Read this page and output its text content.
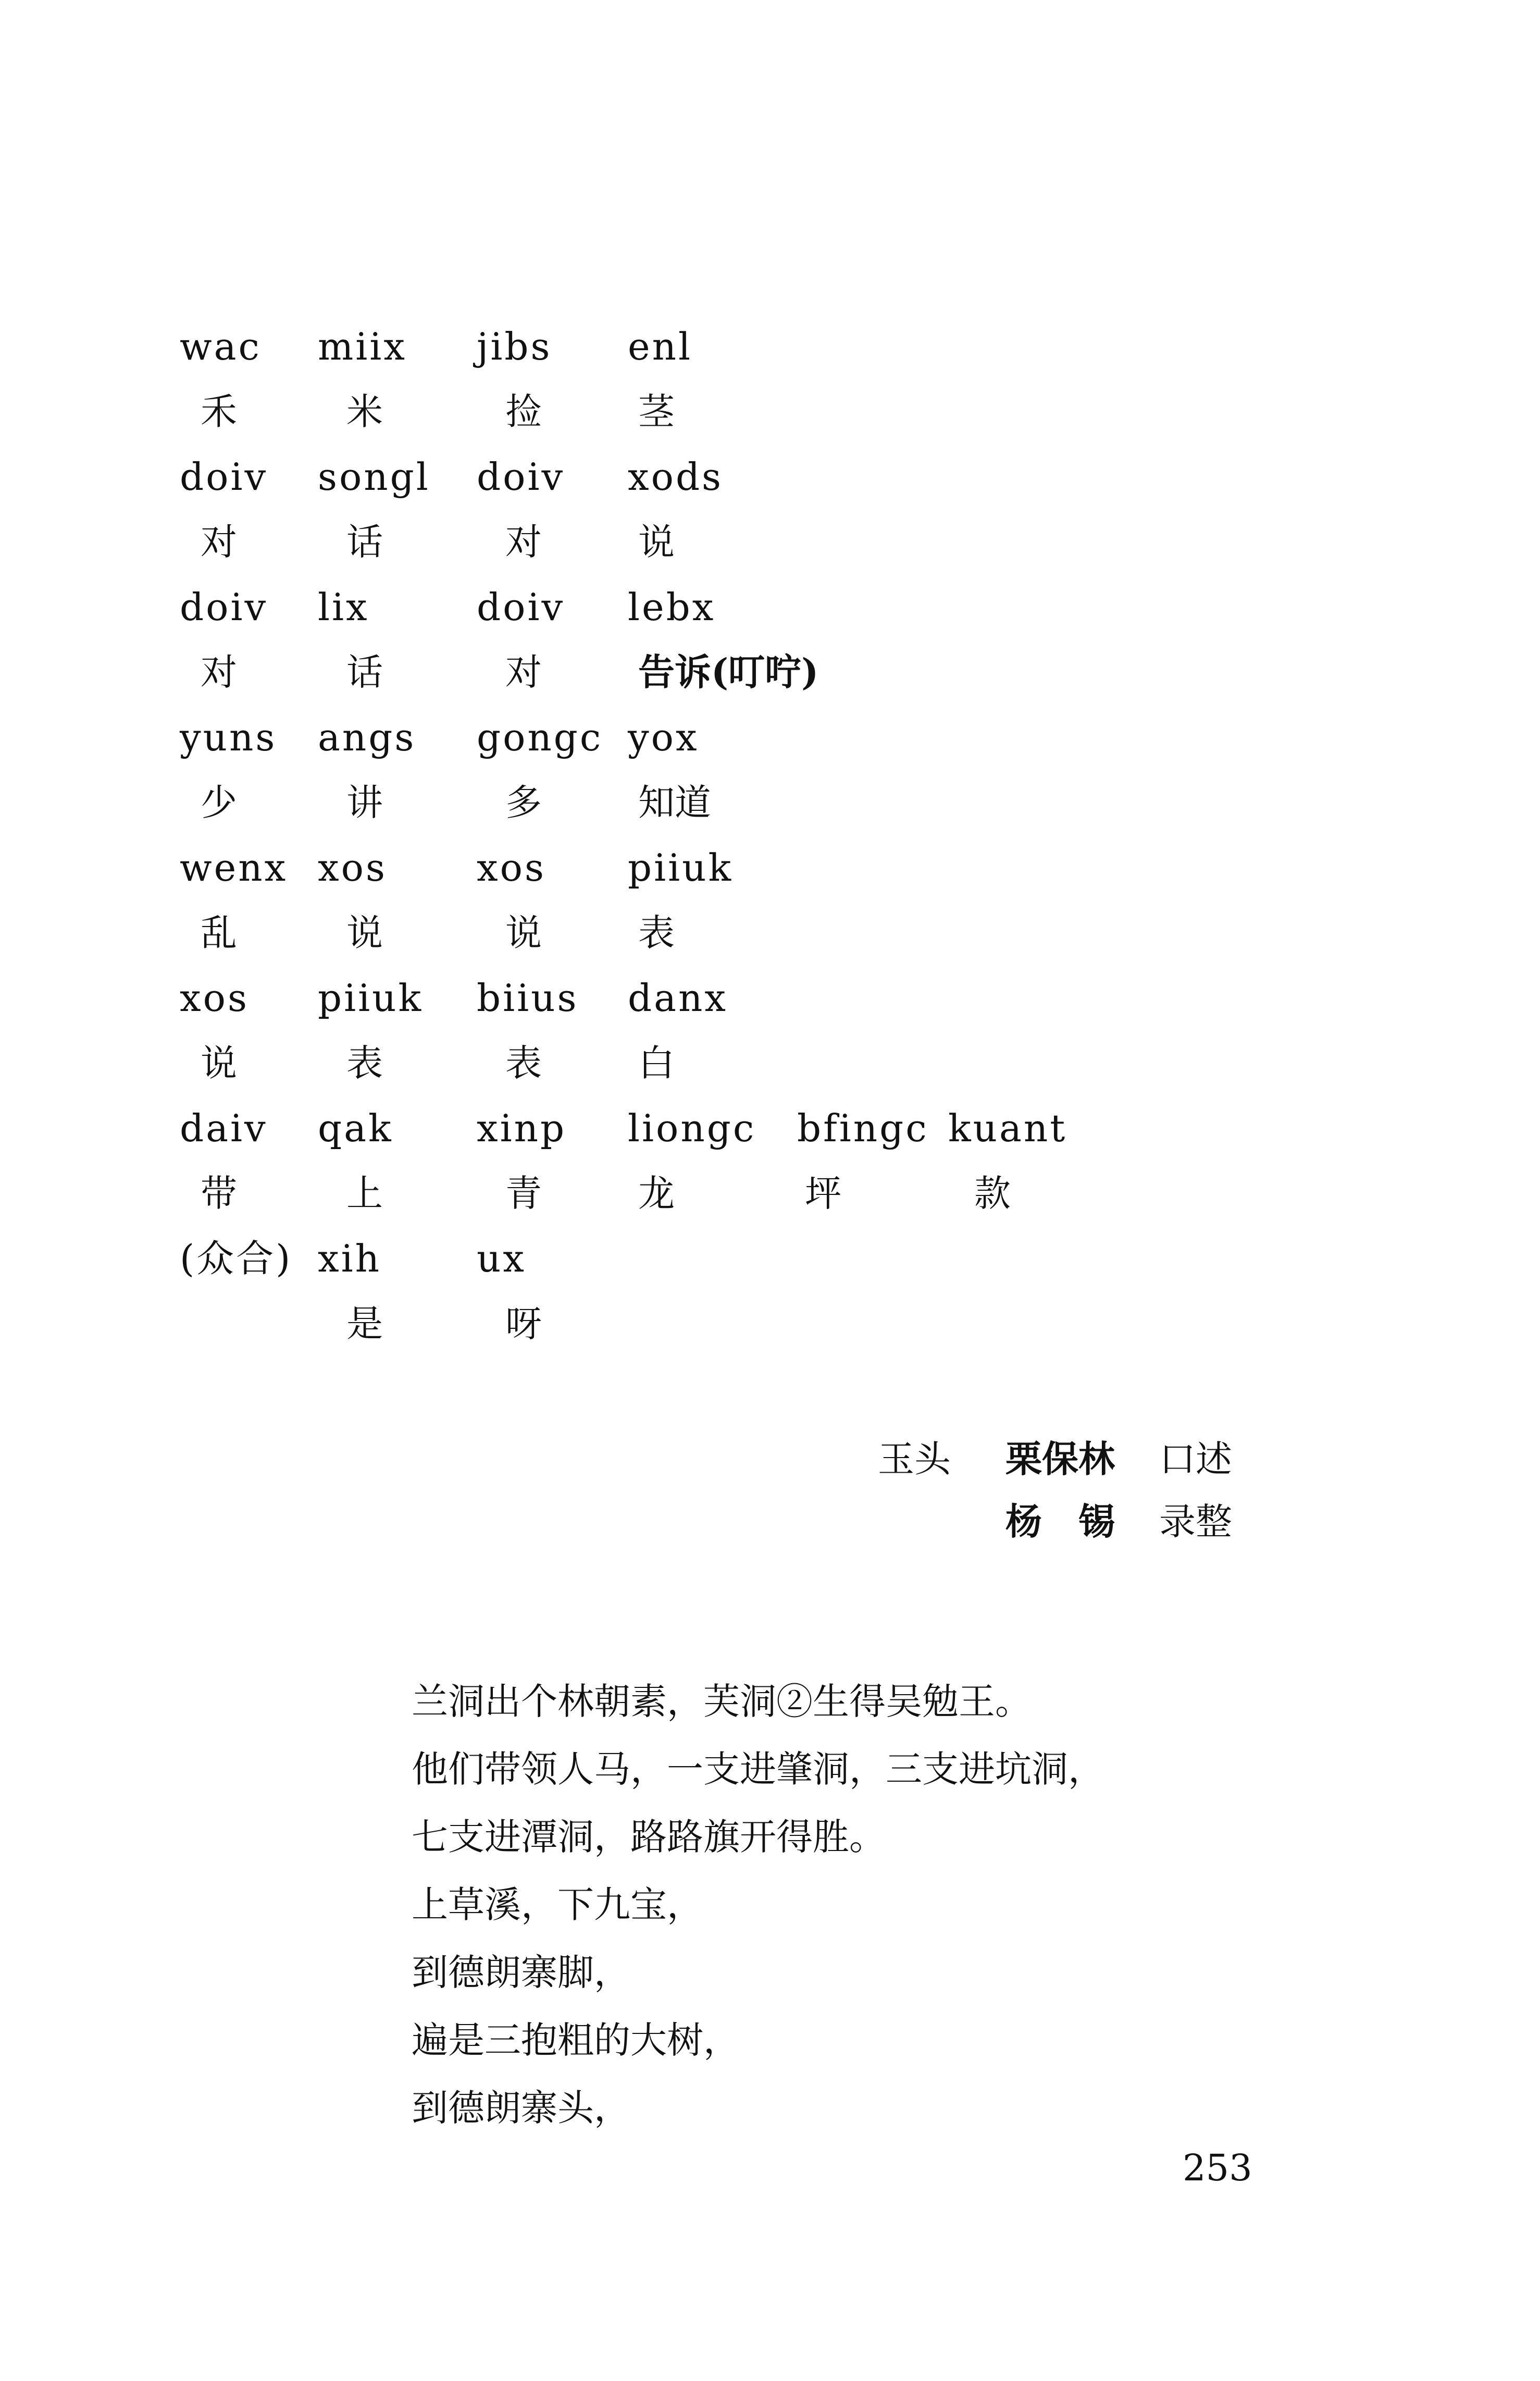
wac miix jibs enl
禾	米	捡	茎
doiv songl doiv xods
对	话	对	说
doiv lix	doiv lebx
对	话	对	告诉(叮咛)
yuns angs gongc yox
少	讲	多	知道
wenx xos xos piiuk
乱	说	说	表
xos piiuk biius danx
说	表	表	白
daiv qak xinp liongc bfingc kuant
带	上	青	龙	坪	款
(众合) xih	ux
是	呀
玉头 栗保林 口述
杨　锡 录整
兰洞出个林朝素，芙洞②生得吴勉王。
他们带领人马，一支进肇洞，三支进坑洞，
七支进潭洞，路路旗开得胜。
上草溪，下九宝，
到德朗寨脚，
遍是三抱粗的大树，
到德朗寨头，
253
